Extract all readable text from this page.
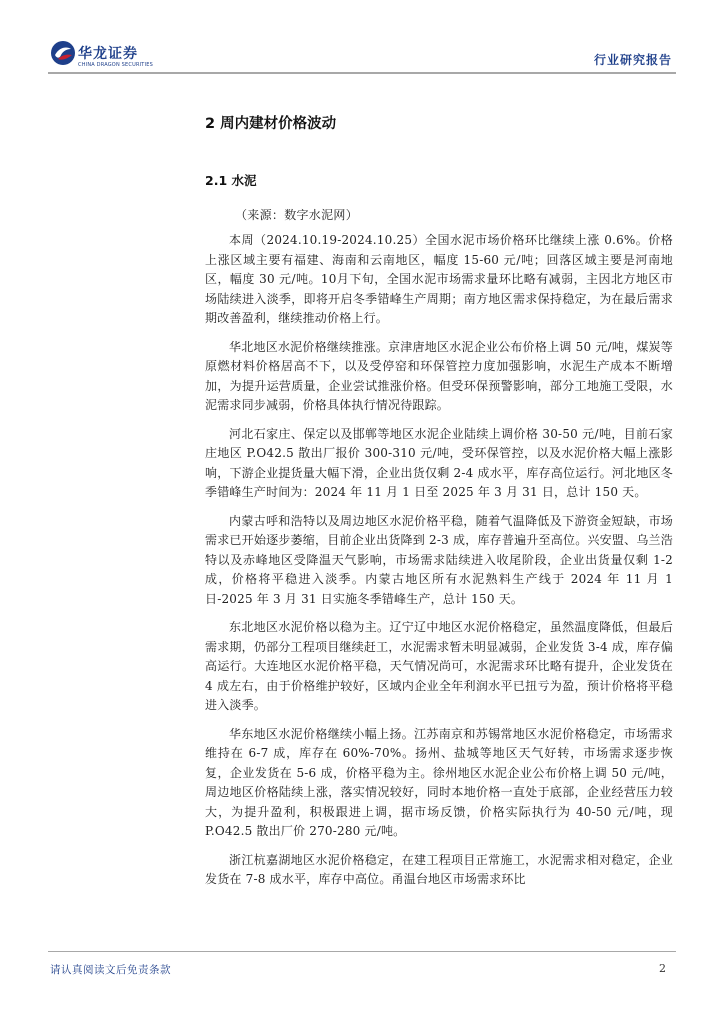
华龙证券
CHINA DRAGON SECURITIES	行业研究报告
2 周内建材价格波动
2.1 水泥

（来源：数字水泥网）

本周（2024.10.19-2024.10.25）全国水泥市场价格环比继续上涨 0.6%。价格上涨区域主要有福建、海南和云南地区，幅度 15-60 元/吨；回落区域主要是河南地区，幅度 30 元/吨。10月下旬，全国水泥市场需求量环比略有减弱，主因北方地区市场陆续进入淡季，即将开启冬季错峰生产周期；南方地区需求保持稳定，为在最后需求期改善盈利，继续推动价格上行。

华北地区水泥价格继续推涨。京津唐地区水泥企业公布价格上调 50 元/吨，煤炭等原燃材料价格居高不下，以及受停窑和环保管控力度加强影响，水泥生产成本不断增加，为提升运营质量，企业尝试推涨价格。但受环保预警影响，部分工地施工受限，水泥需求同步减弱，价格具体执行情况待跟踪。

河北石家庄、保定以及邯郸等地区水泥企业陆续上调价格 30-50 元/吨，目前石家庄地区 P.O42.5 散出厂报价 300-310 元/吨，受环保管控，以及水泥价格大幅上涨影响，下游企业提货量大幅下滑，企业出货仅剩 2-4 成水平，库存高位运行。河北地区冬季错峰生产时间为：2024 年 11 月 1 日至 2025 年 3 月 31 日，总计 150 天。

内蒙古呼和浩特以及周边地区水泥价格平稳，随着气温降低及下游资金短缺，市场需求已开始逐步萎缩，目前企业出货降到 2-3 成，库存普遍升至高位。兴安盟、乌兰浩特以及赤峰地区受降温天气影响，市场需求陆续进入收尾阶段，企业出货量仅剩 1-2 成，价格将平稳进入淡季。内蒙古地区所有水泥熟料生产线于 2024 年 11 月 1 日-2025 年 3 月 31 日实施冬季错峰生产，总计 150 天。

东北地区水泥价格以稳为主。辽宁辽中地区水泥价格稳定，虽然温度降低，但最后需求期，仍部分工程项目继续赶工，水泥需求暂未明显减弱，企业发货 3-4 成，库存偏高运行。大连地区水泥价格平稳，天气情况尚可，水泥需求环比略有提升，企业发货在 4 成左右，由于价格维护较好，区域内企业全年利润水平已扭亏为盈，预计价格将平稳进入淡季。

华东地区水泥价格继续小幅上扬。江苏南京和苏锡常地区水泥价格稳定，市场需求维持在 6-7 成，库存在 60%-70%。扬州、盐城等地区天气好转，市场需求逐步恢复，企业发货在 5-6 成，价格平稳为主。徐州地区水泥企业公布价格上调 50 元/吨，周边地区价格陆续上涨，落实情况较好，同时本地价格一直处于底部，企业经营压力较大，为提升盈利，积极跟进上调，据市场反馈，价格实际执行为 40-50 元/吨，现 P.O42.5 散出厂价 270-280 元/吨。

浙江杭嘉湖地区水泥价格稳定，在建工程项目正常施工，水泥需求相对稳定，企业发货在 7-8 成水平，库存中高位。甬温台地区市场需求环比

请认真阅读文后免责条款	2
